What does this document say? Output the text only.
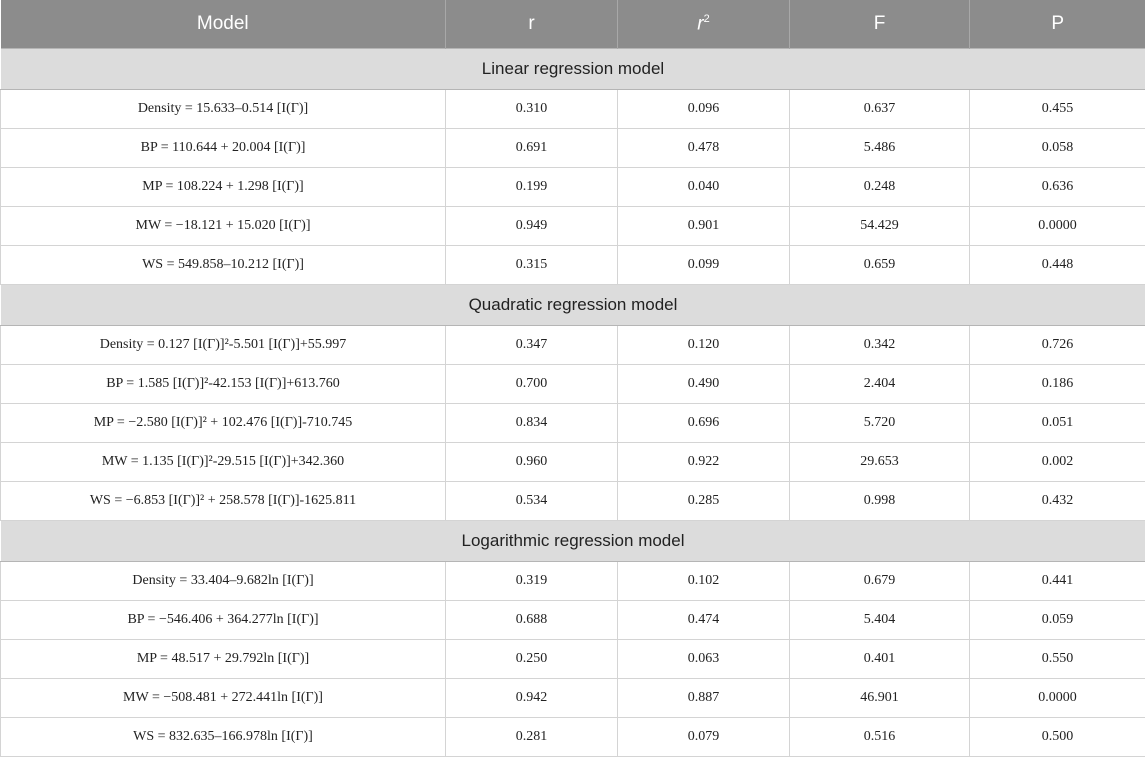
Model	r	$r^2$	F	P
Linear regression model				
Density = 15.633–0.514 [I(Γ)]	0.310	0.096	0.637	0.455
BP = 110.644 + 20.004 [I(Γ)]	0.691	0.478	5.486	0.058
MP = 108.224 + 1.298 [I(Γ)]	0.199	0.040	0.248	0.636
MW = −18.121 + 15.020 [I(Γ)]	0.949	0.901	54.429	0.0000
WS = 549.858–10.212 [I(Γ)]	0.315	0.099	0.659	0.448
Quadratic regression model				
Density = 0.127 [I(Γ)]²-5.501 [I(Γ)]+55.997	0.347	0.120	0.342	0.726
BP = 1.585 [I(Γ)]²-42.153 [I(Γ)]+613.760	0.700	0.490	2.404	0.186
MP = −2.580 [I(Γ)]² + 102.476 [I(Γ)]-710.745	0.834	0.696	5.720	0.051
MW = 1.135 [I(Γ)]²-29.515 [I(Γ)]+342.360	0.960	0.922	29.653	0.002
WS = −6.853 [I(Γ)]² + 258.578 [I(Γ)]-1625.811	0.534	0.285	0.998	0.432
Logarithmic regression model				
Density = 33.404–9.682ln [I(Γ)]	0.319	0.102	0.679	0.441
BP = −546.406 + 364.277ln [I(Γ)]	0.688	0.474	5.404	0.059
MP = 48.517 + 29.792ln [I(Γ)]	0.250	0.063	0.401	0.550
MW = −508.481 + 272.441ln [I(Γ)]	0.942	0.887	46.901	0.0000
WS = 832.635–166.978ln [I(Γ)]	0.281	0.079	0.516	0.500
